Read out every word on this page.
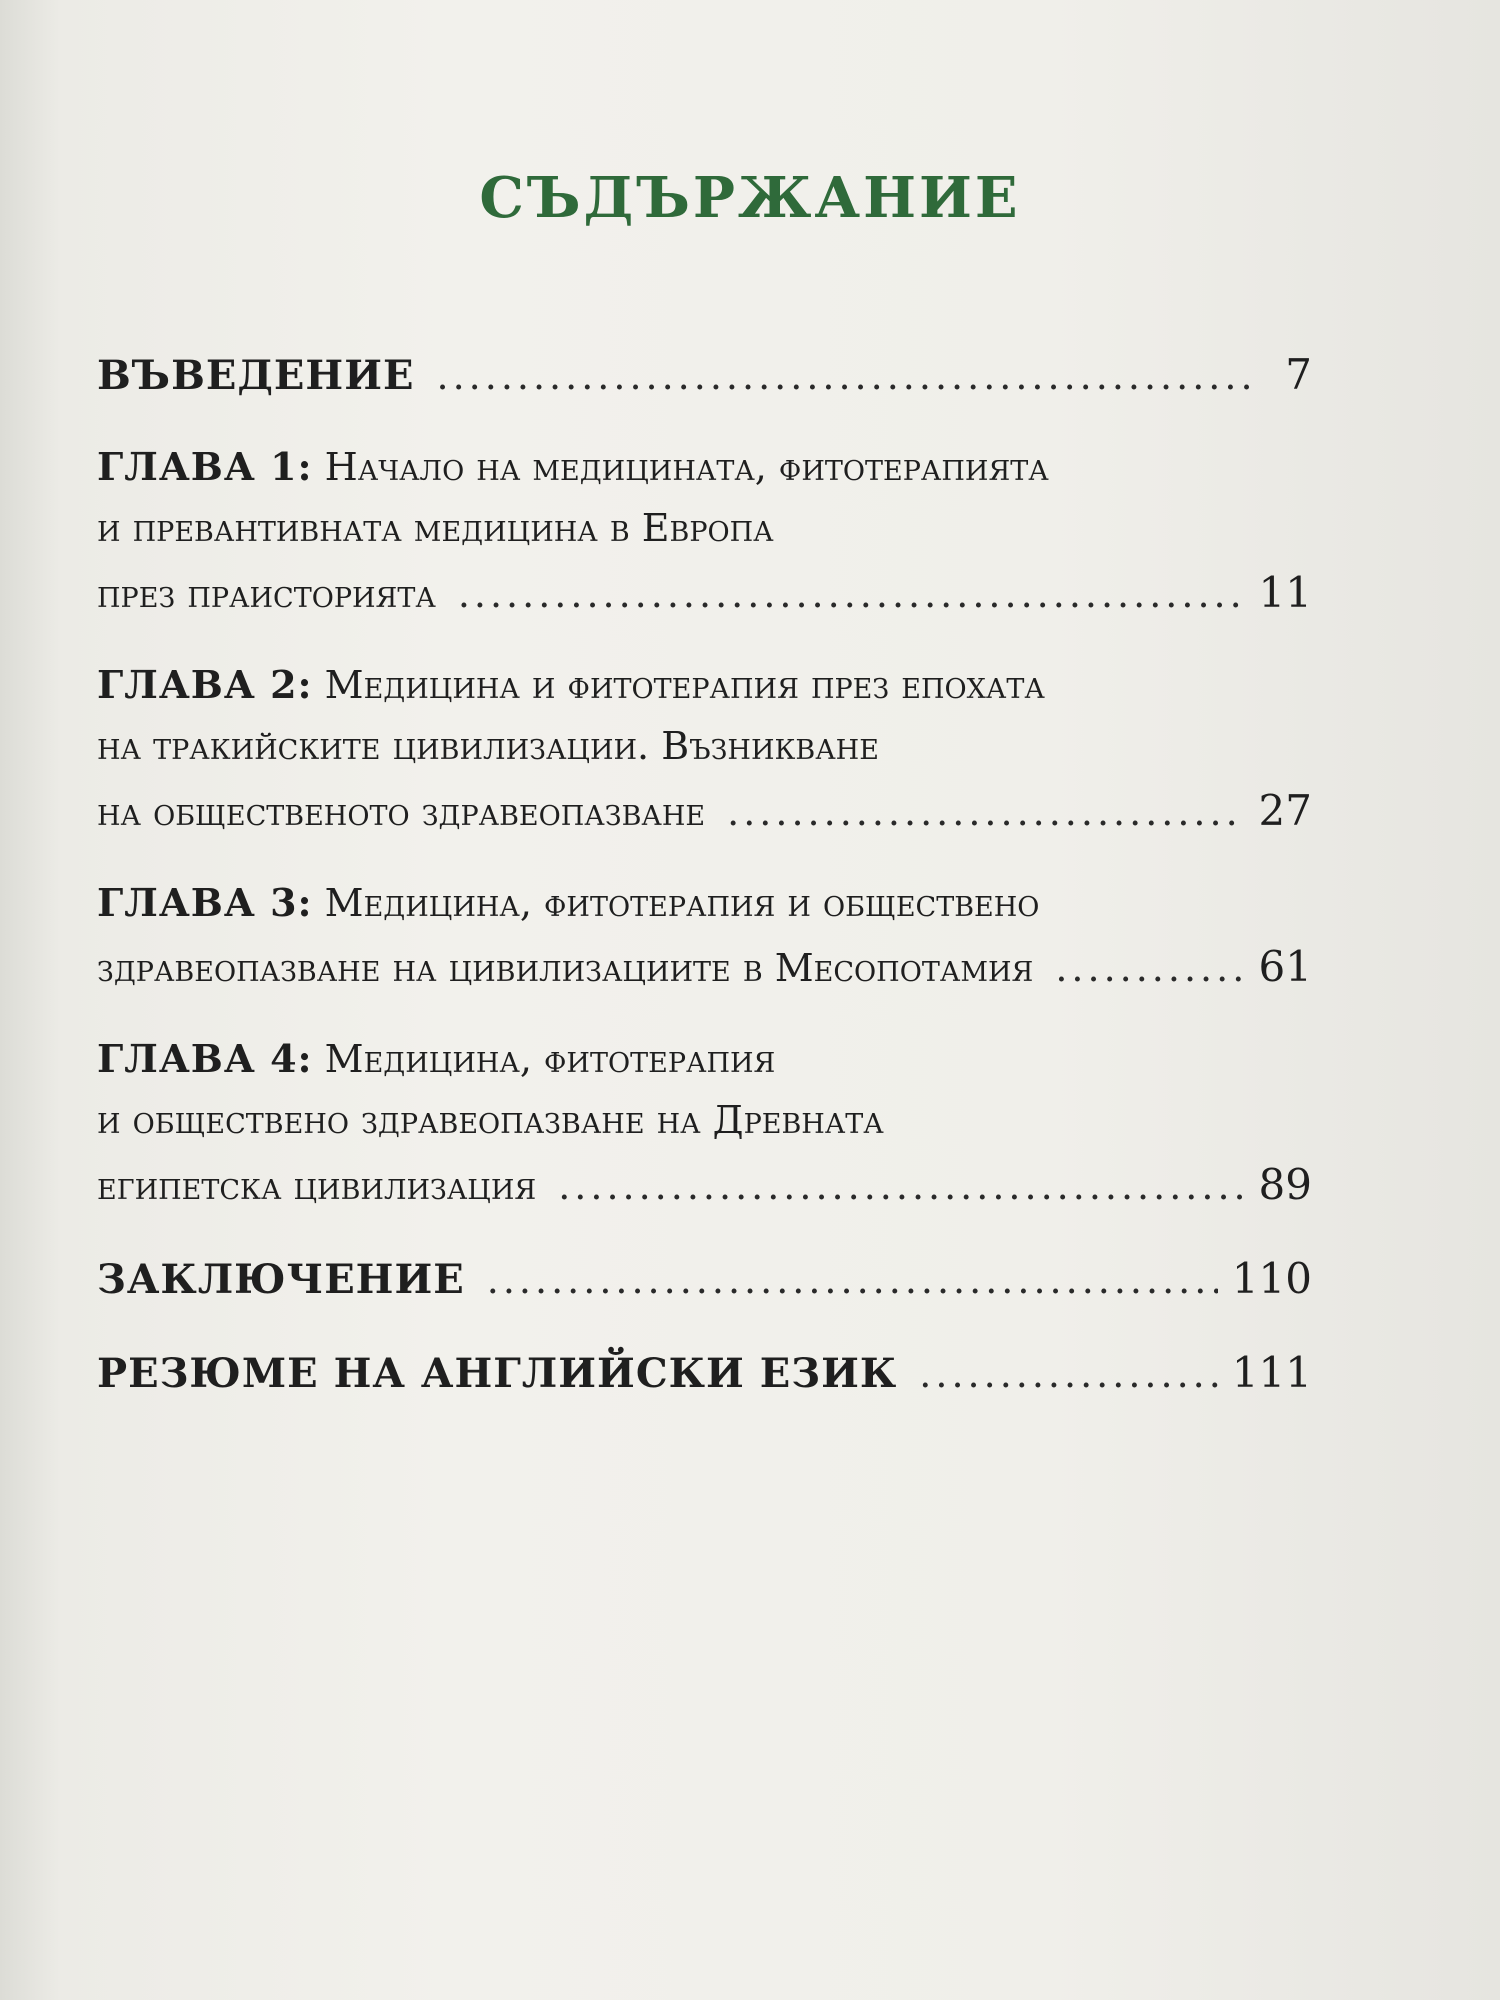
СЪДЪРЖАНИЕ
ВЪВЕДЕНИЕ .....	7
ГЛАВА 1:
Начало на медицината, фитотерапията
и превантивната медицина в Европа
през праисторията .....	11
ГЛАВА 2:
Медицина и фитотерапия през епохата
на тракийските цивилизации. Възникване
на общественото здравеопазване .....	27
ГЛАВА 3:
Медицина, фитотерапия и обществено
здравеопазване на цивилизациите в Месопотамия .....	61
ГЛАВА 4:
Медицина, фитотерапия
и обществено здравеопазване на Древната
египетска цивилизация .....	89
ЗАКЛЮЧЕНИЕ .....	110
РЕЗЮМЕ НА АНГЛИЙСКИ ЕЗИК .....	111
